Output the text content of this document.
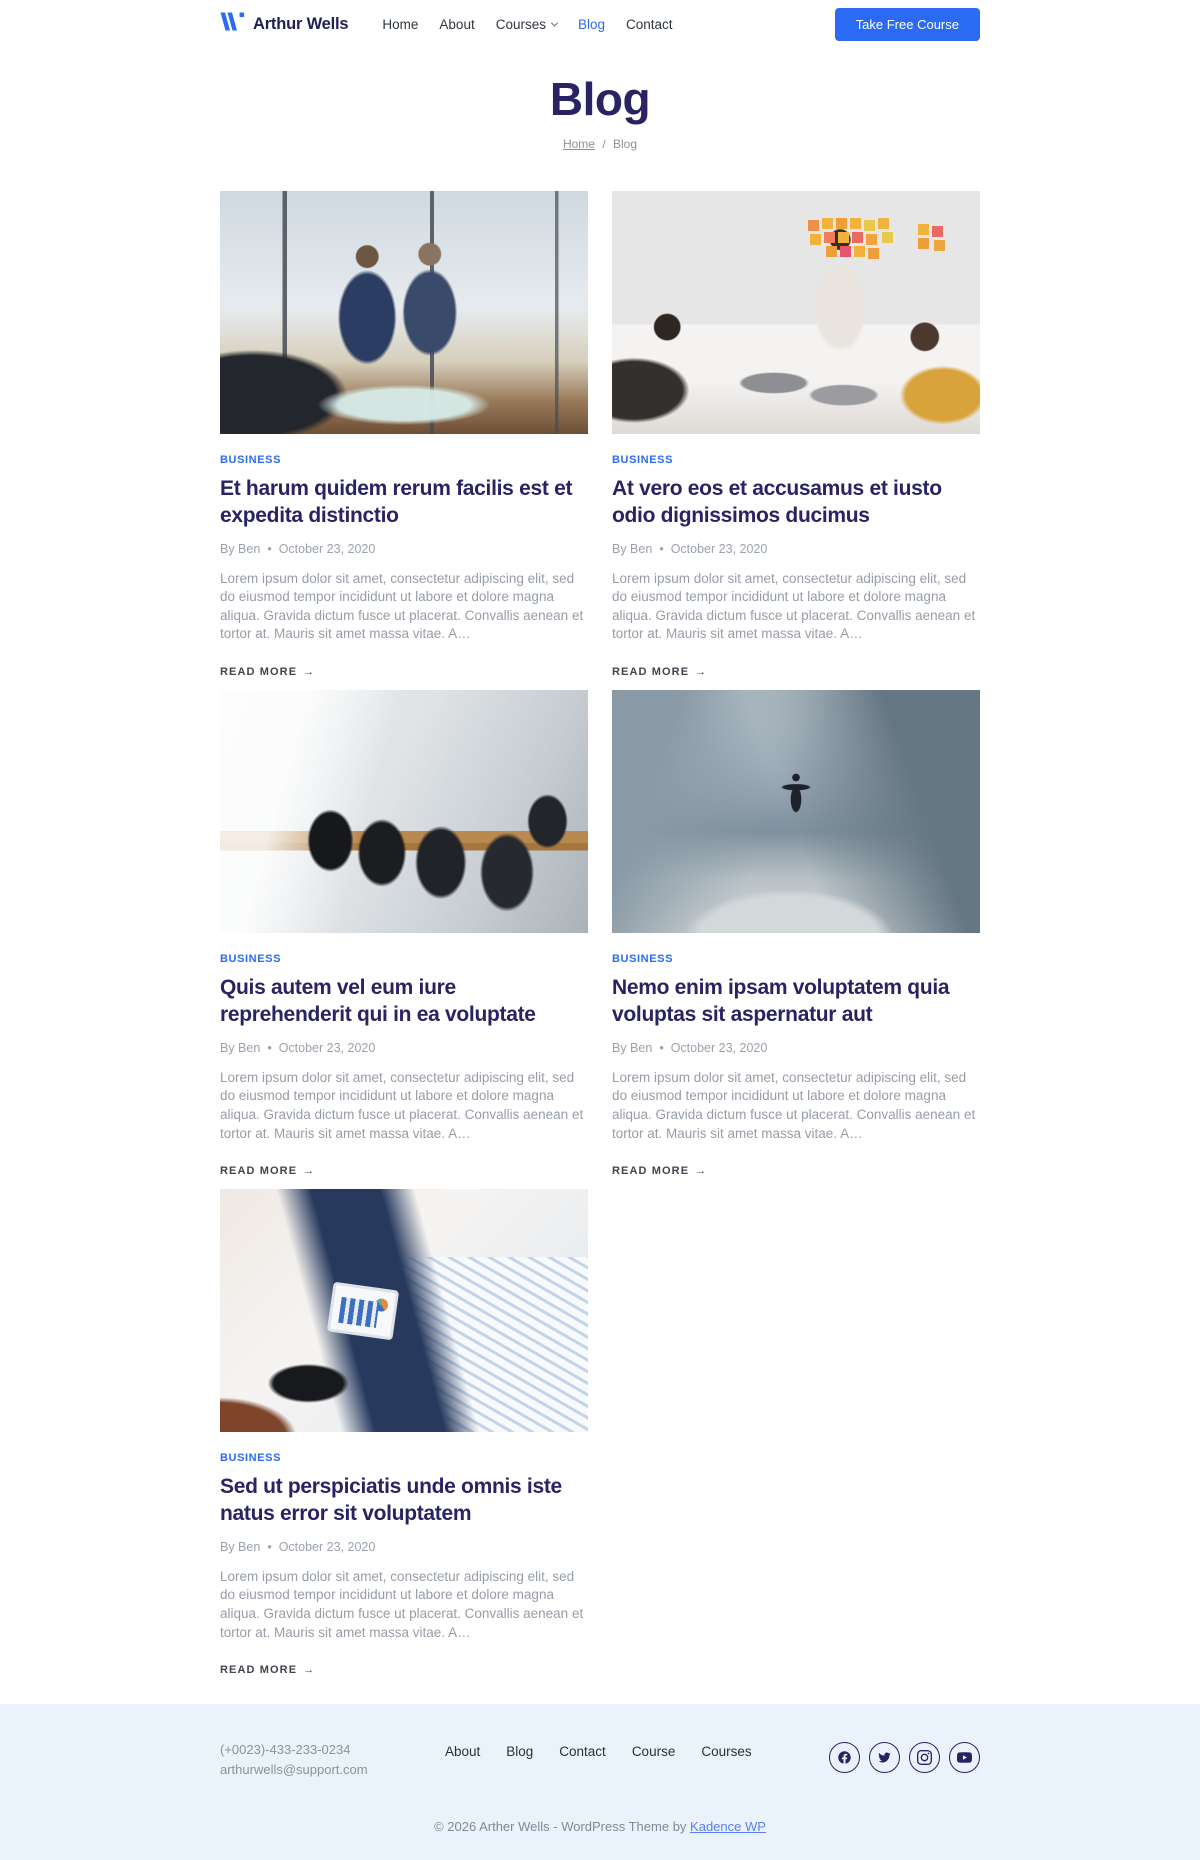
Arthur Wells	Home About Courses Blog Contact	Take Free Course
Blog
Home / Blog
BUSINESS
Et harum quidem rerum facilis est et expedita distinctio
By Ben • October 23, 2020

Lorem ipsum dolor sit amet, consectetur adipiscing elit, sed do eiusmod tempor incididunt ut labore et dolore magna aliqua. Gravida dictum fusce ut placerat. Convallis aenean et tortor at. Mauris sit amet massa vitae. A…

READ MORE →
BUSINESS
At vero eos et accusamus et iusto odio dignissimos ducimus
By Ben • October 23, 2020

Lorem ipsum dolor sit amet, consectetur adipiscing elit, sed do eiusmod tempor incididunt ut labore et dolore magna aliqua. Gravida dictum fusce ut placerat. Convallis aenean et tortor at. Mauris sit amet massa vitae. A…

READ MORE →
BUSINESS
Quis autem vel eum iure reprehenderit qui in ea voluptate
By Ben • October 23, 2020

Lorem ipsum dolor sit amet, consectetur adipiscing elit, sed do eiusmod tempor incididunt ut labore et dolore magna aliqua. Gravida dictum fusce ut placerat. Convallis aenean et tortor at. Mauris sit amet massa vitae. A…

READ MORE →
BUSINESS
Nemo enim ipsam voluptatem quia voluptas sit aspernatur aut
By Ben • October 23, 2020

Lorem ipsum dolor sit amet, consectetur adipiscing elit, sed do eiusmod tempor incididunt ut labore et dolore magna aliqua. Gravida dictum fusce ut placerat. Convallis aenean et tortor at. Mauris sit amet massa vitae. A…

READ MORE →
BUSINESS
Sed ut perspiciatis unde omnis iste natus error sit voluptatem
By Ben • October 23, 2020

Lorem ipsum dolor sit amet, consectetur adipiscing elit, sed do eiusmod tempor incididunt ut labore et dolore magna aliqua. Gravida dictum fusce ut placerat. Convallis aenean et tortor at. Mauris sit amet massa vitae. A…

READ MORE →
(+0023)-433-233-0234
arthurwells@support.com
About Blog Contact Course Courses
© 2026 Arther Wells - WordPress Theme by Kadence WP
